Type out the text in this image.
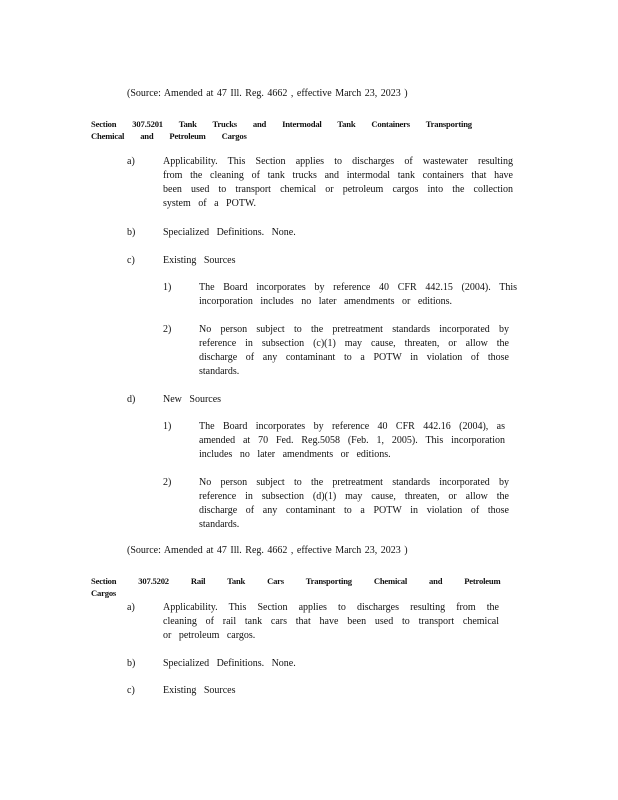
(Source: Amended at 47 Ill. Reg. 4662 , effective March 23, 2023 )
Section 307.5201 Tank Trucks and Intermodal Tank Containers Transporting Chemical and Petroleum Cargos
a)	Applicability. This Section applies to discharges of wastewater resulting from the cleaning of tank trucks and intermodal tank containers that have been used to transport chemical or petroleum cargos into the collection system of a POTW.
b)	Specialized Definitions. None.
c)	Existing Sources
1)	The Board incorporates by reference 40 CFR 442.15 (2004). This incorporation includes no later amendments or editions.
2)	No person subject to the pretreatment standards incorporated by reference in subsection (c)(1) may cause, threaten, or allow the discharge of any contaminant to a POTW in violation of those standards.
d)	New Sources
1)	The Board incorporates by reference 40 CFR 442.16 (2004), as amended at 70 Fed. Reg.5058 (Feb. 1, 2005). This incorporation includes no later amendments or editions.
2)	No person subject to the pretreatment standards incorporated by reference in subsection (d)(1) may cause, threaten, or allow the discharge of any contaminant to a POTW in violation of those standards.
(Source: Amended at 47 Ill. Reg. 4662 , effective March 23, 2023 )
Section 307.5202 Rail Tank Cars Transporting Chemical and Petroleum Cargos
a)	Applicability. This Section applies to discharges resulting from the cleaning of rail tank cars that have been used to transport chemical or petroleum cargos.
b)	Specialized Definitions. None.
c)	Existing Sources
